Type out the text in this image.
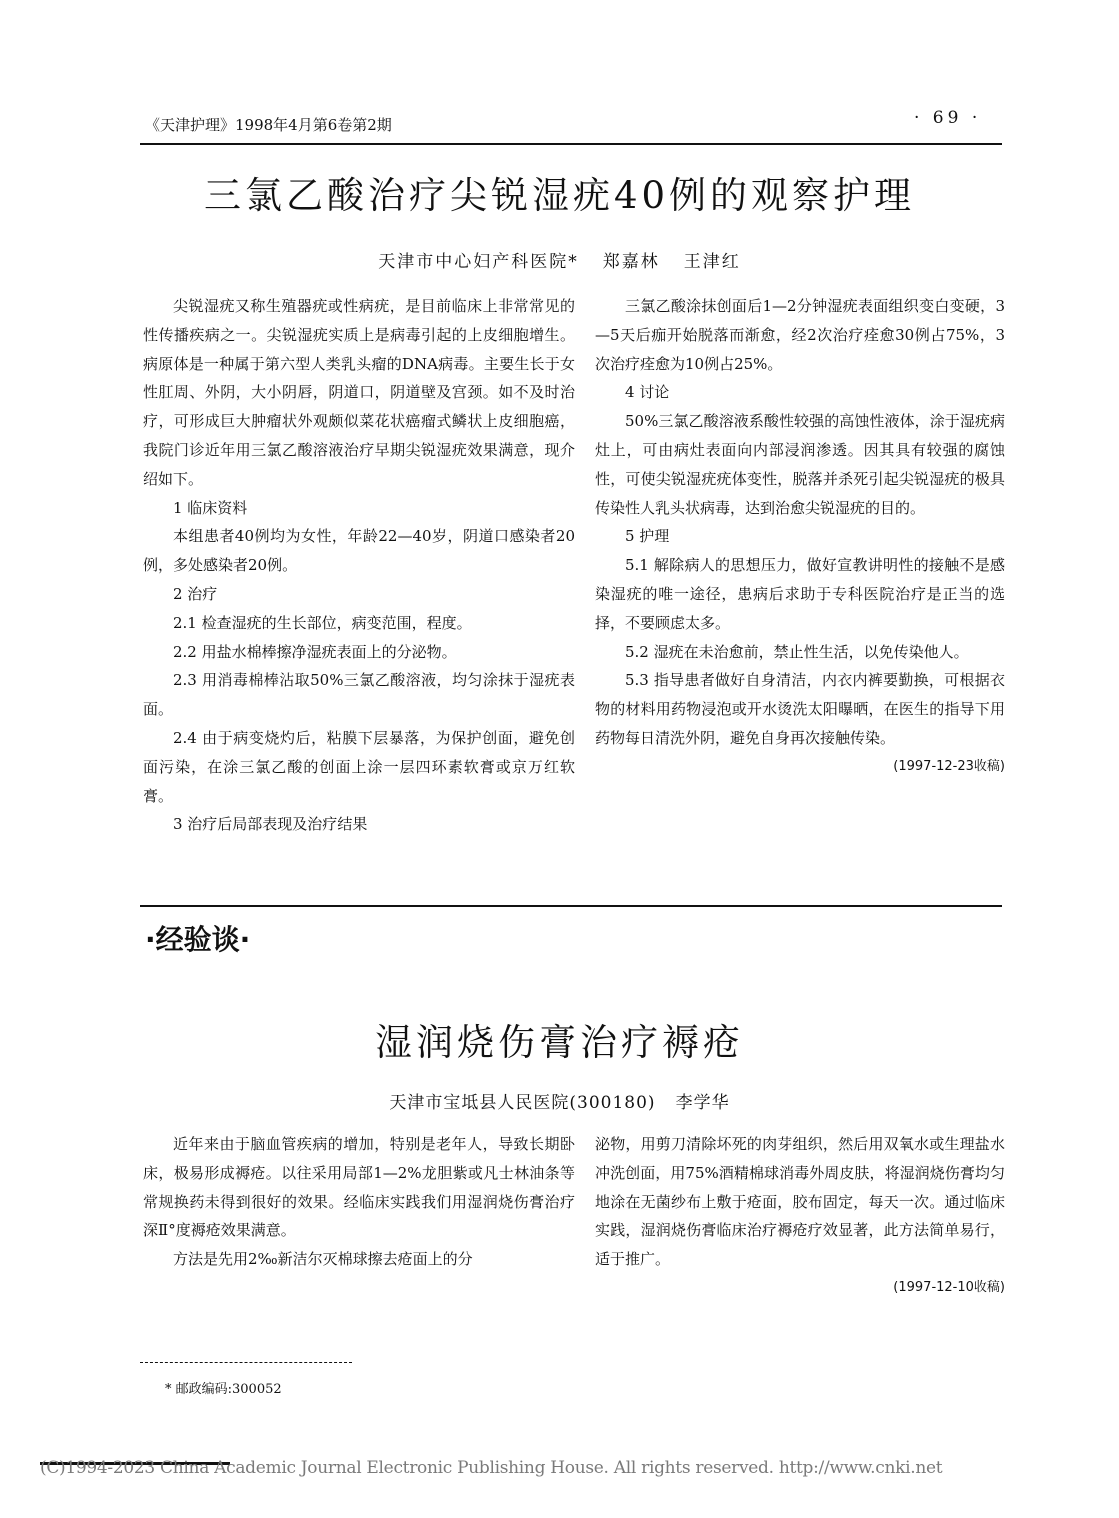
《天津护理》1998年4月第6卷第2期	· 69 ·
三氯乙酸治疗尖锐湿疣40例的观察护理
天津市中心妇产科医院* 郑嘉林 王津红

尖锐湿疣又称生殖器疣或性病疣，是目前临床上非常常见的性传播疾病之一。尖锐湿疣实质上是病毒引起的上皮细胞增生。病原体是一种属于第六型人类乳头瘤的DNA病毒。主要生长于女性肛周、外阴，大小阴唇，阴道口，阴道壁及宫颈。如不及时治疗，可形成巨大肿瘤状外观颇似菜花状癌瘤式鳞状上皮细胞癌，我院门诊近年用三氯乙酸溶液治疗早期尖锐湿疣效果满意，现介绍如下。

1 临床资料

本组患者40例均为女性，年龄22—40岁，阴道口感染者20例，多处感染者20例。

2 治疗

2.1 检查湿疣的生长部位，病变范围，程度。

2.2 用盐水棉棒擦净湿疣表面上的分泌物。

2.3 用消毒棉棒沾取50%三氯乙酸溶液，均匀涂抹于湿疣表面。

2.4 由于病变烧灼后，粘膜下层暴落，为保护创面，避免创面污染，在涂三氯乙酸的创面上涂一层四环素软膏或京万红软膏。

3 治疗后局部表现及治疗结果

三氯乙酸涂抹创面后1—2分钟湿疣表面组织变白变硬，3—5天后痂开始脱落而渐愈，经2次治疗痊愈30例占75%，3次治疗痊愈为10例占25%。

4 讨论

50%三氯乙酸溶液系酸性较强的高蚀性液体，涂于湿疣病灶上，可由病灶表面向内部浸润渗透。因其具有较强的腐蚀性，可使尖锐湿疣疣体变性，脱落并杀死引起尖锐湿疣的极具传染性人乳头状病毒，达到治愈尖锐湿疣的目的。

5 护理

5.1 解除病人的思想压力，做好宣教讲明性的接触不是感染湿疣的唯一途径，患病后求助于专科医院治疗是正当的选择，不要顾虑太多。

5.2 湿疣在未治愈前，禁止性生活，以免传染他人。

5.3 指导患者做好自身清洁，内衣内裤要勤换，可根据衣物的材料用药物浸泡或开水烫洗太阳曝晒，在医生的指导下用药物每日清洗外阴，避免自身再次接触传染。

(1997-12-23收稿)

·经验谈·
湿润烧伤膏治疗褥疮
天津市宝坻县人民医院(300180) 李学华

近年来由于脑血管疾病的增加，特别是老年人，导致长期卧床，极易形成褥疮。以往采用局部1—2%龙胆紫或凡士林油条等常规换药未得到很好的效果。经临床实践我们用湿润烧伤膏治疗深Ⅱ°度褥疮效果满意。

方法是先用2‰新洁尔灭棉球擦去疮面上的分

泌物，用剪刀清除坏死的肉芽组织，然后用双氧水或生理盐水冲洗创面，用75%酒精棉球消毒外周皮肤，将湿润烧伤膏均匀地涂在无菌纱布上敷于疮面，胶布固定，每天一次。通过临床实践，湿润烧伤膏临床治疗褥疮疗效显著，此方法简单易行，适于推广。

(1997-12-10收稿)

* 邮政编码:300052
(C)1994-2023 China Academic Journal Electronic Publishing House. All rights reserved. http://www.cnki.net
